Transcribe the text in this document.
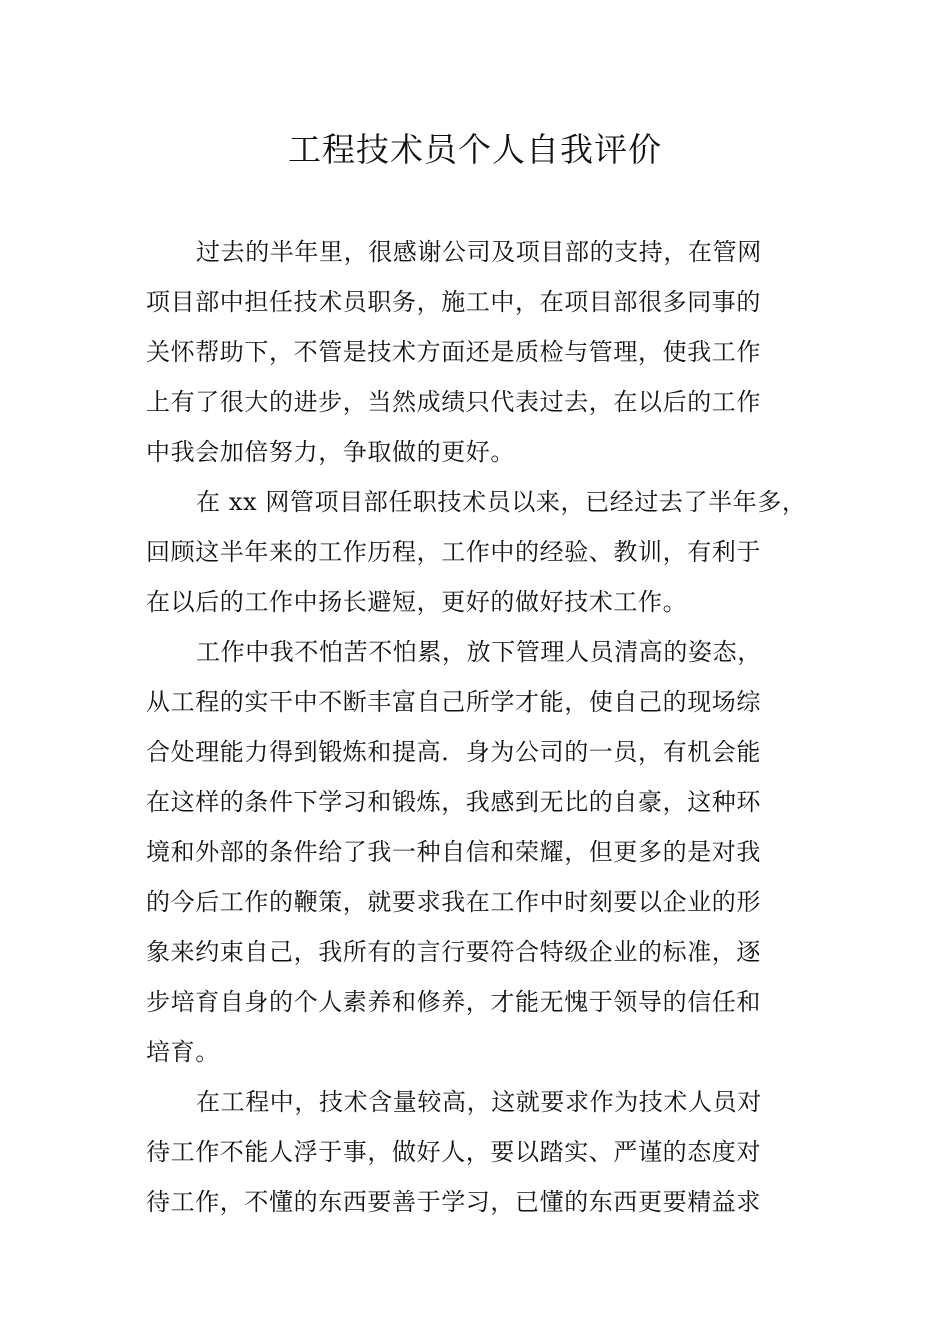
工程技术员个人自我评价
过去的半年里，很感谢公司及项目部的支持，在管网
项目部中担任技术员职务，施工中，在项目部很多同事的
关怀帮助下，不管是技术方面还是质检与管理，使我工作
上有了很大的进步，当然成绩只代表过去，在以后的工作
中我会加倍努力，争取做的更好。
在 xx 网管项目部任职技术员以来，已经过去了半年多，
回顾这半年来的工作历程，工作中的经验、教训，有利于
在以后的工作中扬长避短，更好的做好技术工作。
工作中我不怕苦不怕累，放下管理人员清高的姿态，
从工程的实干中不断丰富自己所学才能，使自己的现场综
合处理能力得到锻炼和提高．身为公司的一员，有机会能
在这样的条件下学习和锻炼，我感到无比的自豪，这种环
境和外部的条件给了我一种自信和荣耀，但更多的是对我
的今后工作的鞭策，就要求我在工作中时刻要以企业的形
象来约束自己，我所有的言行要符合特级企业的标准，逐
步培育自身的个人素养和修养，才能无愧于领导的信任和
培育。
在工程中，技术含量较高，这就要求作为技术人员对
待工作不能人浮于事，做好人，要以踏实、严谨的态度对
待工作，不懂的东西要善于学习，已懂的东西更要精益求
